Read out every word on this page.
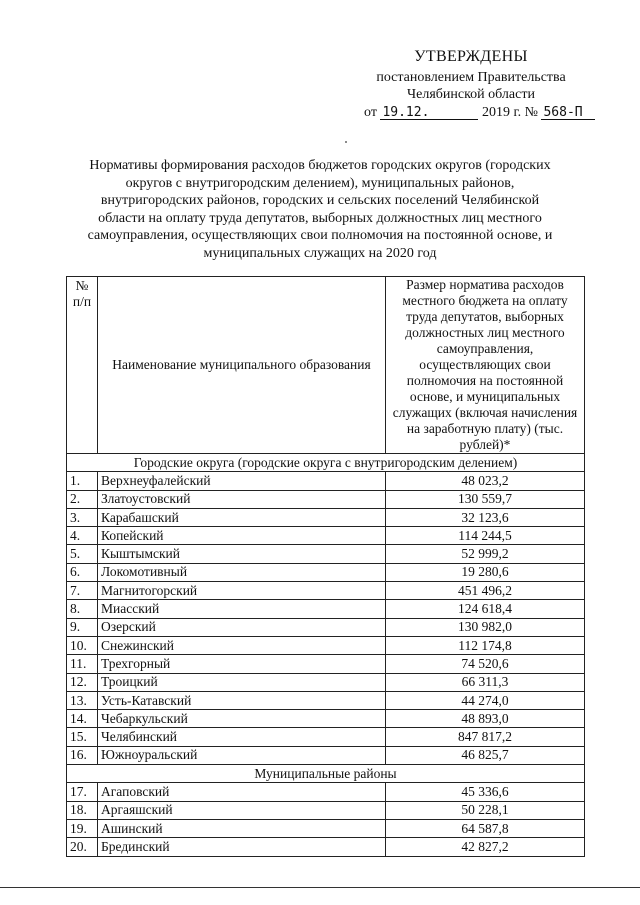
УТВЕРЖДЕНЫ
постановлением Правительства
Челябинской области
от 19.12.	2019 г. № 568-П
Нормативы формирования расходов бюджетов городских округов (городских округов с внутригородским делением), муниципальных районов, внутригородских районов, городских и сельских поселений Челябинской области на оплату труда депутатов, выборных должностных лиц местного самоуправления, осуществляющих свои полномочия на постоянной основе, и муниципальных служащих на 2020 год
№ п/п	Наименование муниципального образования	Размер норматива расходов местного бюджета на оплату труда депутатов, выборных должностных лиц местного самоуправления, осуществляющих свои полномочия на постоянной основе, и муниципальных служащих (включая начисления на заработную плату) (тыс. рублей)*
Городские округа (городские округа с внутригородским делением)		
1.	Верхнеуфалейский	48 023,2
2.	Златоустовский	130 559,7
3.	Карабашский	32 123,6
4.	Копейский	114 244,5
5.	Кыштымский	52 999,2
6.	Локомотивный	19 280,6
7.	Магнитогорский	451 496,2
8.	Миасский	124 618,4
9.	Озерский	130 982,0
10.	Снежинский	112 174,8
11.	Трехгорный	74 520,6
12.	Троицкий	66 311,3
13.	Усть-Катавский	44 274,0
14.	Чебаркульский	48 893,0
15.	Челябинский	847 817,2
16.	Южноуральский	46 825,7
Муниципальные районы		
17.	Агаповский	45 336,6
18.	Аргаяшский	50 228,1
19.	Ашинский	64 587,8
20.	Брединский	42 827,2
